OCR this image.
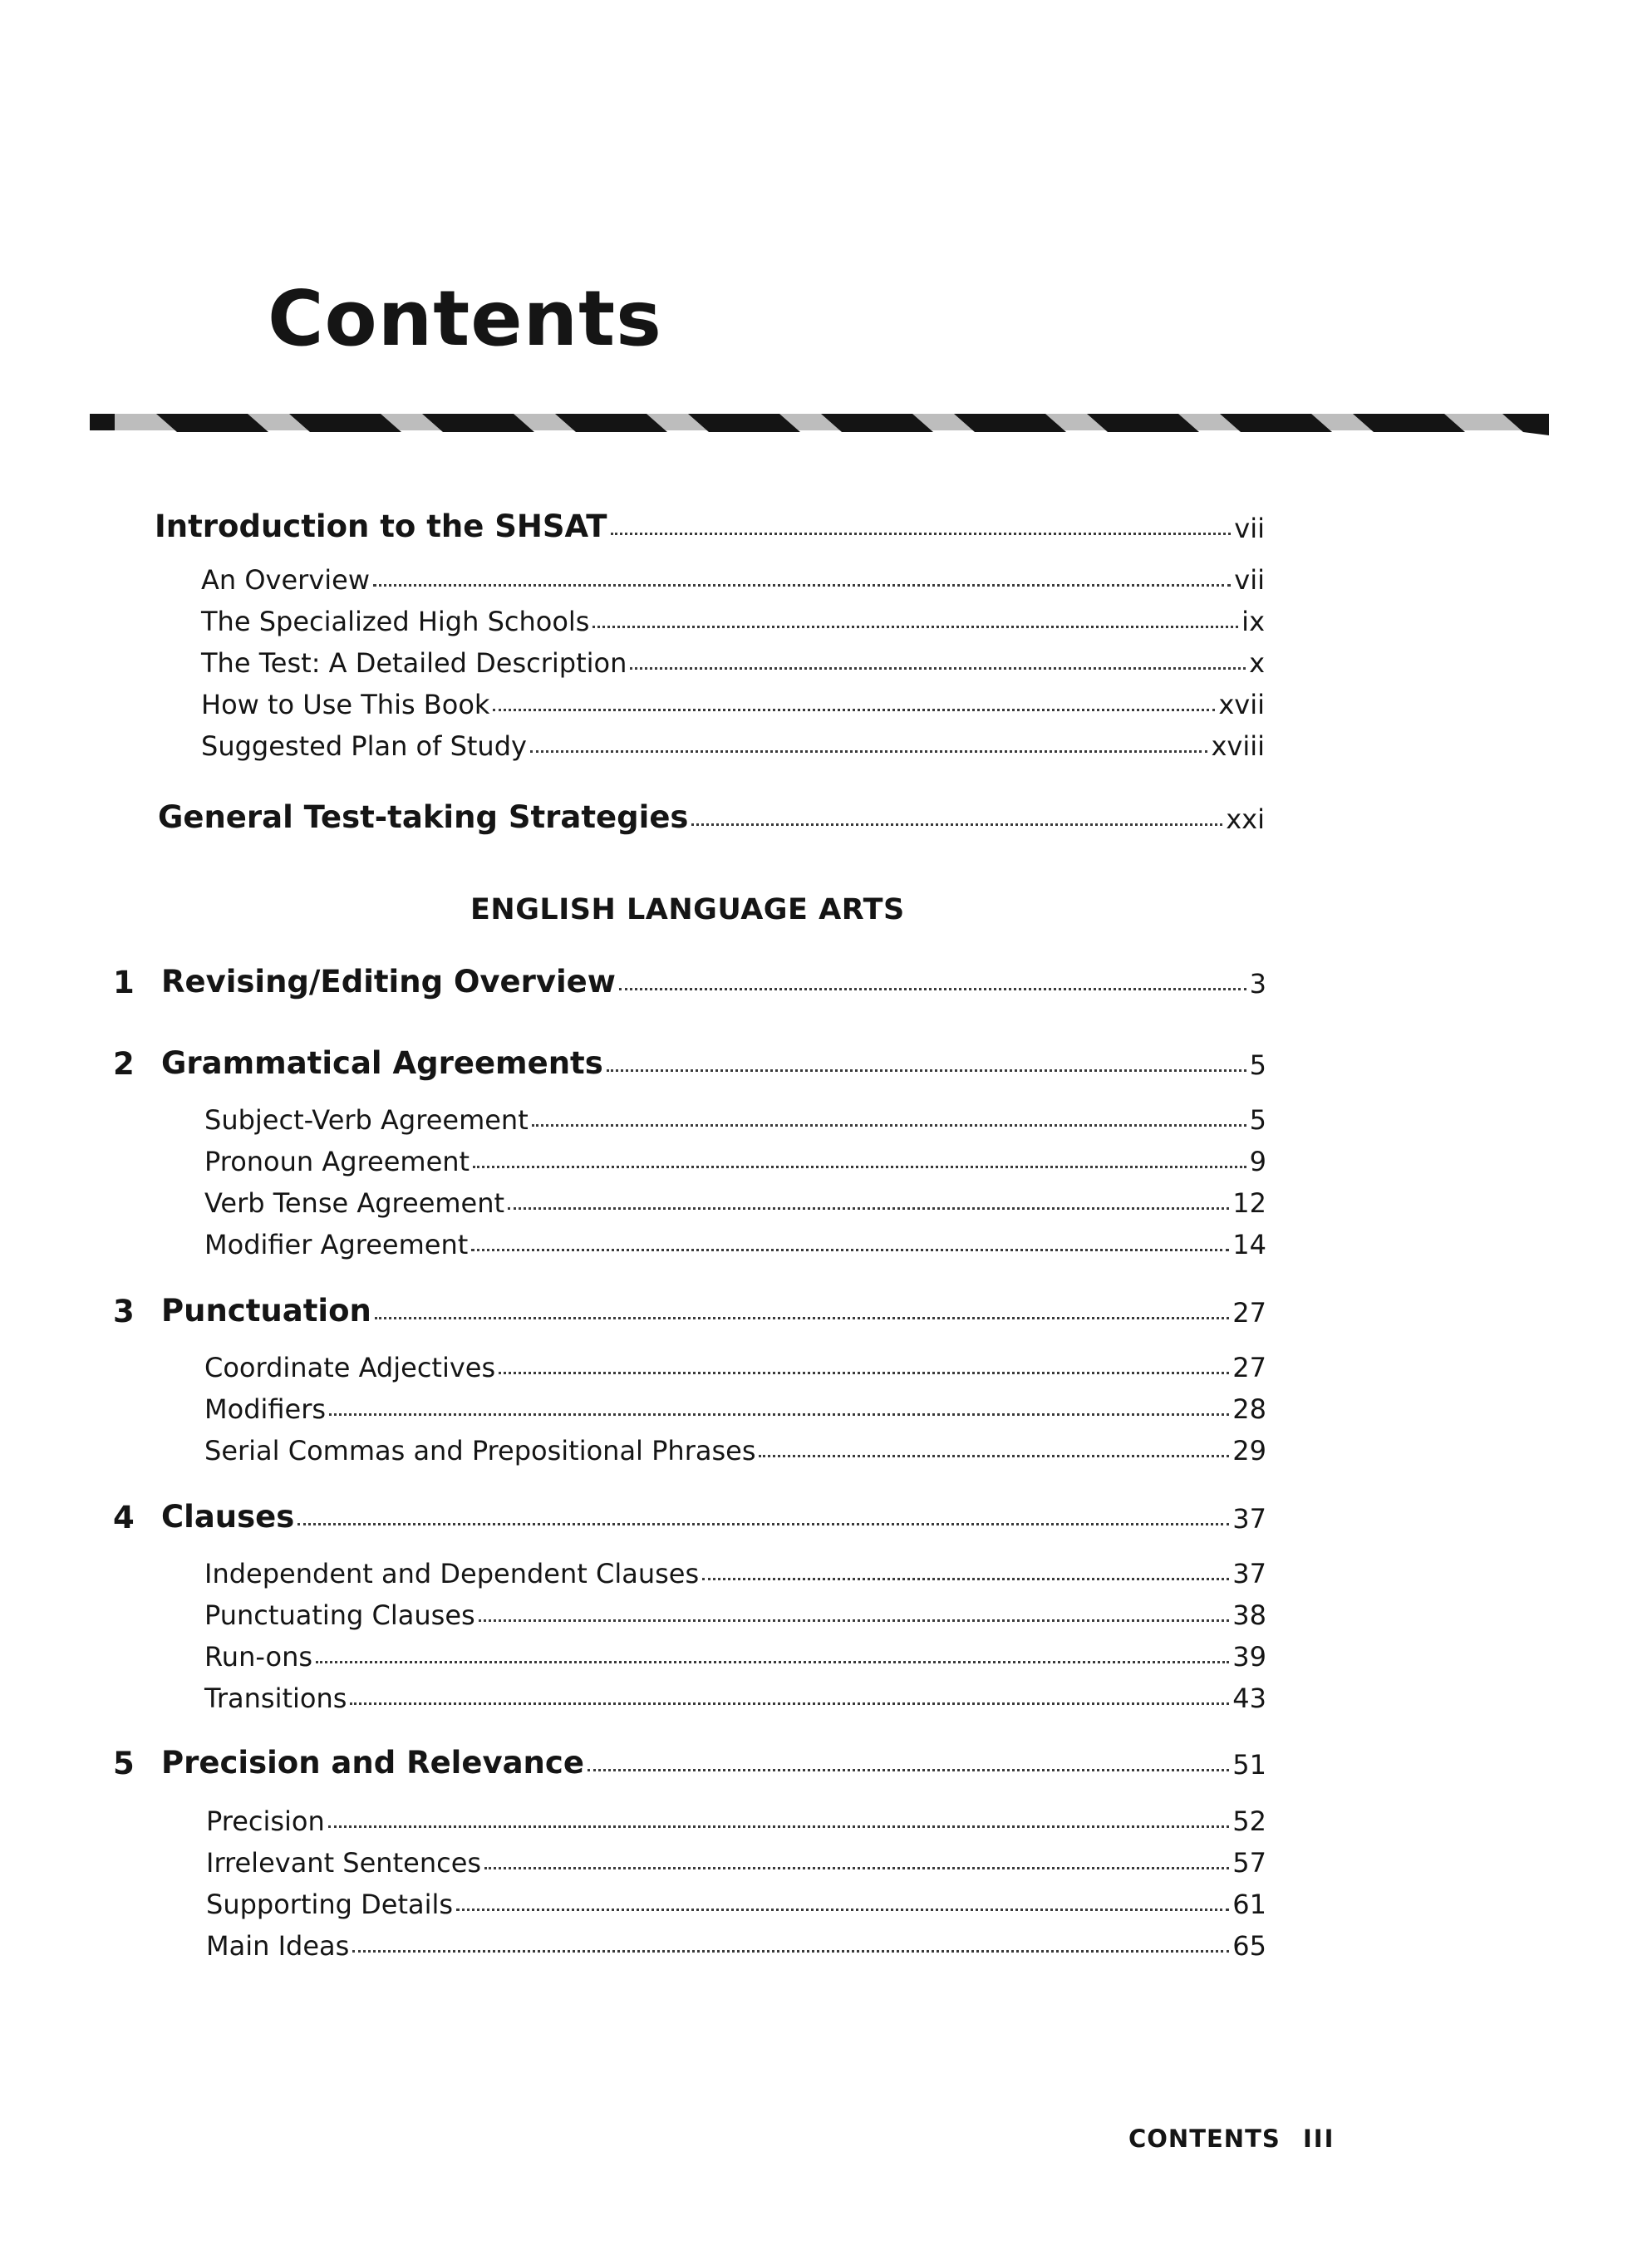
Contents
Introduction to the SHSAT	vii
An Overview	vii
The Specialized High Schools	ix
The Test: A Detailed Description	x
How to Use This Book	xvii
Suggested Plan of Study	xviii
General Test-taking Strategies	xxi
ENGLISH LANGUAGE ARTS
1 Revising/Editing Overview	3
2 Grammatical Agreements	5
Subject-Verb Agreement	5
Pronoun Agreement	9
Verb Tense Agreement	12
Modifier Agreement	14
3 Punctuation	27
Coordinate Adjectives	27
Modifiers	28
Serial Commas and Prepositional Phrases	29
4 Clauses	37
Independent and Dependent Clauses	37
Punctuating Clauses	38
Run-ons	39
Transitions	43
5 Precision and Relevance	51
Precision	52
Irrelevant Sentences	57
Supporting Details	61
Main Ideas	65
CONTENTS III
